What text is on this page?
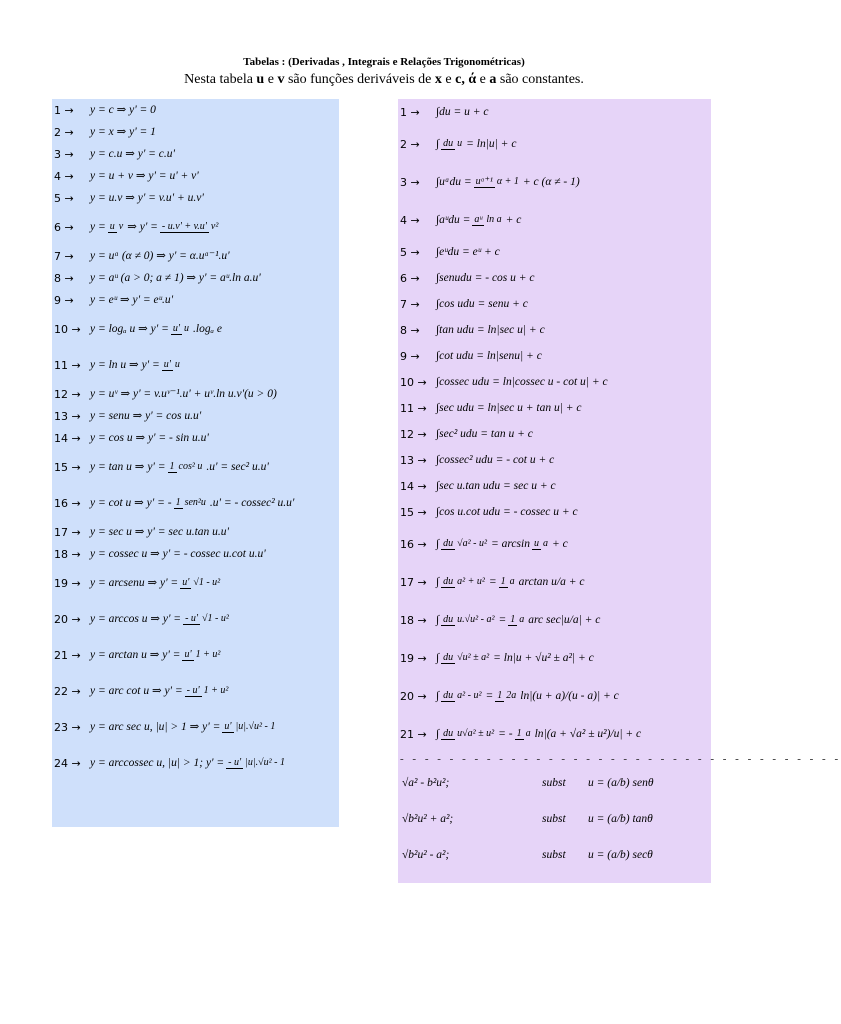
Tabelas : (Derivadas , Integrais e Relações Trigonométricas)
Nesta tabela u e v são funções deriváveis de x e c, ά e a são constantes.
1 →	y = c ⇒ y' = 0
2 →	y = x ⇒ y' = 1
3 →	y = c.u ⇒ y' = c.u'
4 →	y = u + v ⇒ y' = u' + v'
5 →	y = u.v ⇒ y' = v.u' + u.v'
6 →	y = u v ⇒ y' = - u.v' + v.u' v²
7 →	y = uᵅ (α ≠ 0) ⇒ y' = α.uᵅ⁻¹.u'
8 →	y = aᵘ (a > 0; a ≠ 1) ⇒ y' = aᵘ.ln a.u'
9 →	y = eᵘ ⇒ y' = eᵘ.u'
10 → y = logₐ u ⇒ y' = u' u .logₐ e
11 → y = ln u ⇒ y' = u' u
12 → y = uᵛ ⇒ y' = v.uᵛ⁻¹.u' + uᵛ.ln u.v'(u > 0)
13 → y = senu ⇒ y' = cos u.u'
14 → y = cos u ⇒ y' = - sin u.u'
15 → y = tan u ⇒ y' = 1 cos² u .u' = sec² u.u'
16 → y = cot u ⇒ y' = - 1 sen²u .u' = - cossec² u.u'
17 → y = sec u ⇒ y' = sec u.tan u.u'
18 → y = cossec u ⇒ y' = - cossec u.cot u.u'
19 → y = arcsenu ⇒ y' = u' √1 - u²
20 → y = arccos u ⇒ y' = - u' √1 - u²
21 → y = arctan u ⇒ y' = u' 1 + u²
22 → y = arc cot u ⇒ y' = - u' 1 + u²
23 → y = arc sec u, |u| > 1 ⇒ y' = u' |u|.√u² - 1
24 → y = arccossec u, |u| > 1; y' = - u' |u|.√u² - 1
1 →	∫du = u + c
2 →	∫ du u = ln|u| + c
3 →	∫uᵅdu = uᵅ⁺¹ α + 1 + c (α ≠ - 1)
4 →	∫aᵘdu = aᵘ ln a + c
5 →	∫eᵘdu = eᵘ + c
6 →	∫senudu = - cos u + c
7 →	∫cos udu = senu + c
8 →	∫tan udu = ln|sec u| + c
9 →	∫cot udu = ln|senu| + c
10 → ∫cossec udu = ln|cossec u - cot u| + c
11 → ∫sec udu = ln|sec u + tan u| + c
12 → ∫sec² udu = tan u + c
13 → ∫cossec² udu = - cot u + c
14 → ∫sec u.tan udu = sec u + c
15 → ∫cos u.cot udu = - cossec u + c
16 → ∫ du √a² - u² = arcsin u a + c
17 → ∫ du a² + u² = 1 a arctan u/a + c
18 → ∫ du u.√u² - a² = 1 a arc sec|u/a| + c
19 → ∫ du √u² ± a² = ln|u + √u² ± a²| + c
20 → ∫ du a² - u² = 1 2a ln|(u + a)/(u - a)| + c
21 → ∫ du u√a² ± u² = - 1 a ln|(a + √a² ± u²)/u| + c
- - - - - - - - - - - - - - - - - - - - - - - - - - - - - - - - - - - -
√a² - b²u²;	subst	u = (a/b) senθ
√b²u² + a²;	subst	u = (a/b) tanθ
√b²u² - a²;	subst	u = (a/b) secθ
